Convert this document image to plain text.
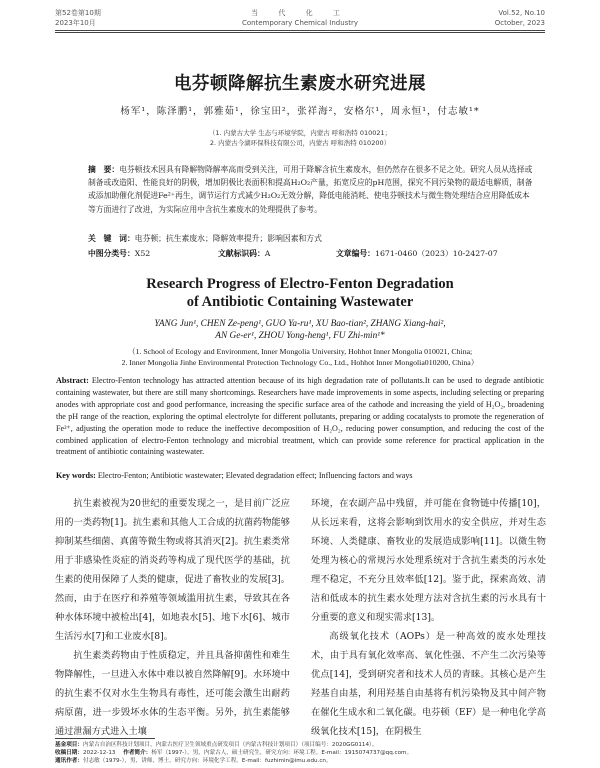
第52卷第10期
2023年10月
当 代 化 工
Contemporary Chemical Industry
Vol.52, No.10
October, 2023
电芬顿降解抗生素废水研究进展
杨军¹，陈泽鹏¹，郭雅茹¹，徐宝田²，张祥海²，安格尔¹，周永恒¹，付志敏¹*
（1. 内蒙古大学 生态与环境学院，内蒙古 呼和浩特 010021；
2. 内蒙古今湖环保科技有限公司，内蒙古 呼和浩特 010200）
摘　要：电芬顿技术因具有降解物降解率高而受到关注，可用于降解含抗生素废水，但仍然存在很多不足之处。研究人员从选择或制备或改造阳、性能良好的阴极，增加阴极比表面积和提高H₂O₂产量，拓宽反应的pH范围，探究不同污染物的最适电解质，制备或添加助催化剂促进Fe²⁺再生，调节运行方式减少H₂O₂无效分解，降低电能消耗、使电芬顿技术与微生物处理结合应用降低成本等方面进行了改进，为实际应用中含抗生素废水的处理提供了参考。
关　键　词：电芬顿；抗生素废水；降解效率提升；影响因素和方式
中图分类号：X52	文献标识码：A	文章编号：1671-0460（2023）10-2427-07
Research Progress of Electro-Fenton Degradation
of Antibiotic Containing Wastewater
YANG Jun¹, CHEN Ze-peng¹, GUO Ya-ru¹, XU Bao-tian², ZHANG Xiang-hai²,
AN Ge-er¹, ZHOU Yong-heng¹, FU Zhi-min¹*
（1. School of Ecology and Environment, Inner Mongolia University, Hohhot Inner Mongolia 010021, China;
2. Inner Mongolia Jinhe Environmental Protection Technology Co., Ltd., Hohhot Inner Mongolia010200, China）
Abstract: Electro-Fenton technology has attracted attention because of its high degradation rate of pollutants.It can be used to degrade antibiotic containing wastewater, but there are still many shortcomings. Researchers have made improvements in some aspects, including selecting or preparing anodes with appropriate cost and good performance, increasing the specific surface area of the cathode and increasing the yield of H₂O₂, broadening the pH range of the reaction, exploring the optimal electrolyte for different pollutants, preparing or adding cocatalysts to promote the regeneration of Fe²⁺, adjusting the operation mode to reduce the ineffective decomposition of H₂O₂, reducing power consumption, and reducing the cost of the combined application of electro-Fenton technology and microbial treatment, which can provide some reference for practical application in the treatment of antibiotic containing wastewater.
Key words: Electro-Fenton; Antibiotic wastewater; Elevated degradation effect; Influencing factors and ways

抗生素被视为20世纪的重要发现之一，是目前广泛应用的一类药物[1]。抗生素和其他人工合成的抗菌药物能够抑制某些细菌、真菌等微生物或将其消灭[2]。抗生素类常用于非感染性炎症的消炎药等构成了现代医学的基础，抗生素的使用保障了人类的健康，促进了畜牧业的发展[3]。然而，由于在医疗和养殖等领域滥用抗生素，导致其在各种水体环境中被检出[4]，如地表水[5]、地下水[6]、城市生活污水[7]和工业废水[8]。

抗生素类药物由于性质稳定，并且具备抑菌性和难生物降解性，一旦进入水体中难以被自然降解[9]。水环境中的抗生素不仅对水生生物具有毒性，还可能会激生出耐药病原菌，进一步毁坏水体的生态平衡。另外，抗生素能够通过泄漏方式进入土壤

环境，在农副产品中残留，并可能在食物链中传播[10]，从长远来看，这将会影响到饮用水的安全供应，并对生态环境、人类健康、畜牧业的发展造成影响[11]。以微生物处理为核心的常规污水处理系统对于含抗生素类的污水处理不稳定，不充分且效率低[12]。鉴于此，探索高效、清洁和低成本的抗生素水处理方法对含抗生素的污水具有十分重要的意义和现实需求[13]。

高级氧化技术（AOPs）是一种高效的废水处理技术，由于具有氧化效率高、氧化性强、不产生二次污染等优点[14]，受到研究者和技术人员的青睐。其核心是产生羟基自由基，利用羟基自由基将有机污染物及其中间产物在催化生成水和二氧化碳。电芬顿（EF）是一种电化学高级氧化技术[15]，在阴极生

基金项目：内蒙古自治区科技计划项目，内蒙古医疗卫生领域重点研发项目（内蒙古科技计划项目）（项目编号：2020GG0114）。
收稿日期：2022-12-13 作者简介：杨军（1997-），男，内蒙古人，硕士研究生，研究方向：环境工程。E-mail：1915074737@qq.com。
通讯作者：付志敏（1979-），男，讲师，博士，研究方向：环境化学工程。E-mail：fuzhimin@imu.edu.cn。
